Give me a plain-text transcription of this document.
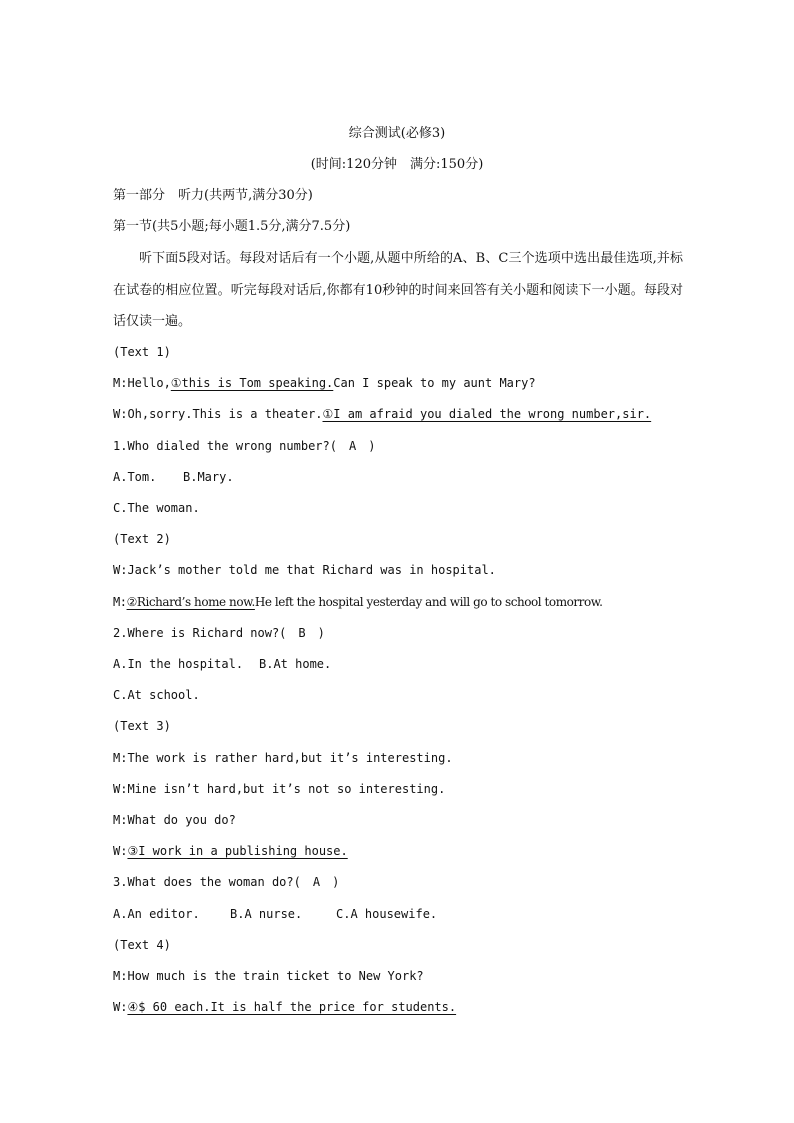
综合测试(必修3)
(时间:120分钟　满分:150分)
第一部分　听力(共两节,满分30分)
第一节(共5小题;每小题1.5分,满分7.5分)
听下面5段对话。每段对话后有一个小题,从题中所给的A、B、C三个选项中选出最佳选项,并标在试卷的相应位置。听完每段对话后,你都有10秒钟的时间来回答有关小题和阅读下一小题。每段对话仅读一遍。
(Text 1)
M:Hello,①this is Tom speaking.Can I speak to my aunt Mary?
W:Oh,sorry.This is a theater.①I am afraid you dialed the wrong number,sir.
1.Who dialed the wrong number?(　A　)
A.Tom. B.Mary.
C.The woman.
(Text 2)
W:Jack’s mother told me that Richard was in hospital.
M:②Richard’s home now.He left the hospital yesterday and will go to school tomorrow.
2.Where is Richard now?(　B　)
A.In the hospital. B.At home.
C.At school.
(Text 3)
M:The work is rather hard,but it’s interesting.
W:Mine isn’t hard,but it’s not so interesting.
M:What do you do?
W:③I work in a publishing house.
3.What does the woman do?(　A　)
A.An editor.	B.A nurse.	C.A housewife.
(Text 4)
M:How much is the train ticket to New York?
W:④$ 60 each.It is half the price for students.
